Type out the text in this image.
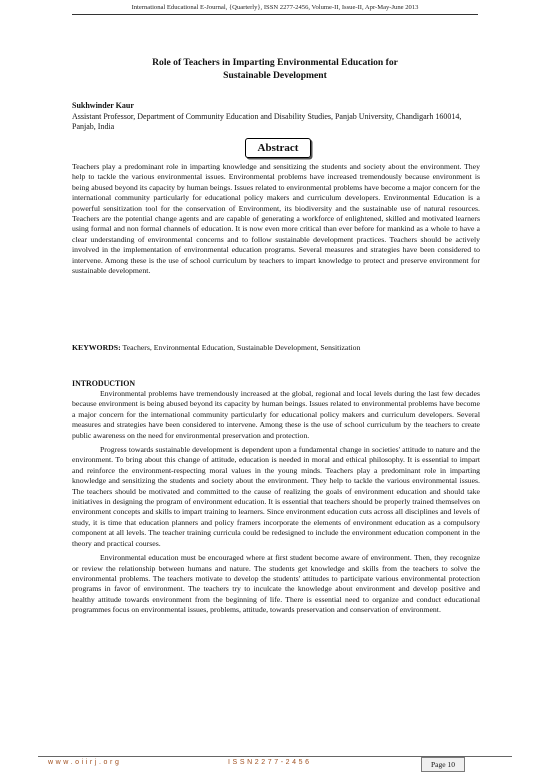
International Educational E-Journal, {Quarterly}, ISSN 2277-2456, Volume-II, Issue-II, Apr-May-June 2013
Role of Teachers in Imparting Environmental Education for
Sustainable Development
Sukhwinder Kaur
Assistant Professor, Department of Community Education and Disability Studies, Panjab University, Chandigarh 160014, Panjab, India
Abstract

Teachers play a predominant role in imparting knowledge and sensitizing the students and society about the environment. They help to tackle the various environmental issues. Environmental problems have increased tremendously because environment is being abused beyond its capacity by human beings. Issues related to environmental problems have become a major concern for the international community particularly for educational policy makers and curriculum developers. Environmental Education is a powerful sensitization tool for the conservation of Environment, its biodiversity and the sustainable use of natural resources. Teachers are the potential change agents and are capable of generating a workforce of enlightened, skilled and motivated learners using formal and non formal channels of education. It is now even more critical than ever before for mankind as a whole to have a clear understanding of environmental concerns and to follow sustainable development practices. Teachers should be actively involved in the implementation of environmental education programs. Several measures and strategies have been considered to intervene. Among these is the use of school curriculum by teachers to impart knowledge to protect and preserve environment for sustainable development.

KEYWORDS: Teachers, Environmental Education, Sustainable Development, Sensitization

INTRODUCTION

Environmental problems have tremendously increased at the global, regional and local levels during the last few decades because environment is being abused beyond its capacity by human beings. Issues related to environmental problems have become a major concern for the international community particularly for educational policy makers and curriculum developers. Several measures and strategies have been considered to intervene. Among these is the use of school curriculum by the teachers to create public awareness on the need for environmental preservation and protection.

Progress towards sustainable development is dependent upon a fundamental change in societies' attitude to nature and the environment. To bring about this change of attitude, education is needed in moral and ethical philosophy. It is essential to impart and reinforce the environment-respecting moral values in the young minds. Teachers play a predominant role in imparting knowledge and sensitizing the students and society about the environment. They help to tackle the various environmental issues. The teachers should be motivated and committed to the cause of realizing the goals of environment education and should take initiatives in designing the program of environment education. It is essential that teachers should be properly trained themselves on environment concepts and skills to impart training to learners. Since environment education cuts across all disciplines and levels of study, it is time that education planners and policy framers incorporate the elements of environment education as a compulsory component at all levels. The teacher training curricula could be redesigned to include the environment education component in the theory and practical courses.

Environmental education must be encouraged where at first student become aware of environment. Then, they recognize or review the relationship between humans and nature. The students get knowledge and skills from the teachers to solve the environmental problems. The teachers motivate to develop the students' attitudes to participate various environmental protection programs in favor of environment. The teachers try to inculcate the knowledge about environment and develop positive and healthy attitude towards environment from the beginning of life. There is essential need to organize and conduct educational programmes focus on environmental issues, problems, attitude, towards preservation and conservation of environment.

www.oiirj.org	ISSN2277-2456	Page 10
